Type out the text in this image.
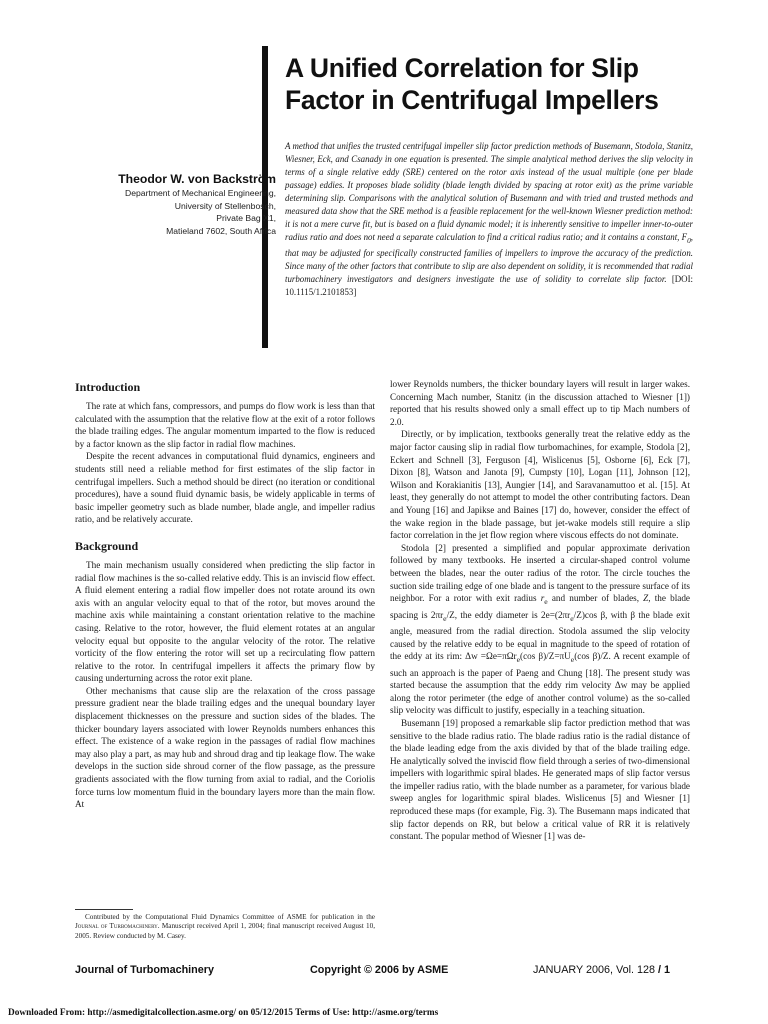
A Unified Correlation for Slip
Factor in Centrifugal Impellers
Theodor W. von Backström
Department of Mechanical Engineering,
University of Stellenbosch,
Private Bag X1,
Matieland 7602, South Africa

A method that unifies the trusted centrifugal impeller slip factor prediction methods of Busemann, Stodola, Stanitz, Wiesner, Eck, and Csanady in one equation is presented. The simple analytical method derives the slip velocity in terms of a single relative eddy (SRE) centered on the rotor axis instead of the usual multiple (one per blade passage) eddies. It proposes blade solidity (blade length divided by spacing at rotor exit) as the prime variable determining slip. Comparisons with the analytical solution of Busemann and with tried and trusted methods and measured data show that the SRE method is a feasible replacement for the well-known Wiesner prediction method: it is not a mere curve fit, but is based on a fluid dynamic model; it is inherently sensitive to impeller inner-to-outer radius ratio and does not need a separate calculation to find a critical radius ratio; and it contains a constant, $F_0$, that may be adjusted for specifically constructed families of impellers to improve the accuracy of the prediction. Since many of the other factors that contribute to slip are also dependent on solidity, it is recommended that radial turbomachinery investigators and designers investigate the use of solidity to correlate slip factor. [DOI: 10.1115/1.2101853]

Introduction

The rate at which fans, compressors, and pumps do flow work is less than that calculated with the assumption that the relative flow at the exit of a rotor follows the blade trailing edges. The angular momentum imparted to the flow is reduced by a factor known as the slip factor in radial flow machines.

Despite the recent advances in computational fluid dynamics, engineers and students still need a reliable method for first estimates of the slip factor in centrifugal impellers. Such a method should be direct (no iteration or conditional procedures), have a sound fluid dynamic basis, be widely applicable in terms of basic impeller geometry such as blade number, blade angle, and impeller radius ratio, and be relatively accurate.

Background

The main mechanism usually considered when predicting the slip factor in radial flow machines is the so-called relative eddy. This is an inviscid flow effect. A fluid element entering a radial flow impeller does not rotate around its own axis with an angular velocity equal to that of the rotor, but moves around the machine axis while maintaining a constant orientation relative to the machine casing. Relative to the rotor, however, the fluid element rotates at an angular velocity equal but opposite to the angular velocity of the rotor. The relative vorticity of the flow entering the rotor will set up a recirculating flow pattern relative to the rotor. In centrifugal impellers it affects the primary flow by causing underturning across the rotor exit plane.

Other mechanisms that cause slip are the relaxation of the cross passage pressure gradient near the blade trailing edges and the unequal boundary layer displacement thicknesses on the pressure and suction sides of the blades. The thicker boundary layers associated with lower Reynolds numbers enhances this effect. The existence of a wake region in the passages of radial flow machines may also play a part, as may hub and shroud drag and tip leakage flow. The wake develops in the suction side shroud corner of the flow passage, as the pressure gradients associated with the flow turning from axial to radial, and the Coriolis force turns low momentum fluid in the boundary layers more than the main flow. At

lower Reynolds numbers, the thicker boundary layers will result in larger wakes. Concerning Mach number, Stanitz (in the discussion attached to Wiesner [1]) reported that his results showed only a small effect up to tip Mach numbers of 2.0.

Directly, or by implication, textbooks generally treat the relative eddy as the major factor causing slip in radial flow turbomachines, for example, Stodola [2], Eckert and Schnell [3], Ferguson [4], Wislicenus [5], Osborne [6], Eck [7], Dixon [8], Watson and Janota [9], Cumpsty [10], Logan [11], Johnson [12], Wilson and Korakianitis [13], Aungier [14], and Saravanamuttoo et al. [15]. At least, they generally do not attempt to model the other contributing factors. Dean and Young [16] and Japikse and Baines [17] do, however, consider the effect of the wake region in the blade passage, but jet-wake models still require a slip factor correlation in the jet flow region where viscous effects do not dominate.

Stodola [2] presented a simplified and popular approximate derivation followed by many textbooks. He inserted a circular-shaped control volume between the blades, near the outer radius of the rotor. The circle touches the suction side trailing edge of one blade and is tangent to the pressure surface of its neighbor. For a rotor with exit radius $r_e$ and number of blades, Z, the blade spacing is $2\pi r_e/Z$, the eddy diameter is $2e=(2\pi r_e/Z)\cos$ β, with β the blade exit angle, measured from the radial direction. Stodola assumed the slip velocity caused by the relative eddy to be equal in magnitude to the speed of rotation of the eddy at its rim: Δw =Ωe=πΩr$_e$(cos $\beta)/Z=\pi U_e(\cos$ β)/Z. A recent example of such an approach is the paper of Paeng and Chung [18]. The present study was started because the assumption that the eddy rim velocity Δw may be applied along the rotor perimeter (the edge of another control volume) as the so-called slip velocity was difficult to justify, especially in a teaching situation.

Busemann [19] proposed a remarkable slip factor prediction method that was sensitive to the blade radius ratio. The blade radius ratio is the radial distance of the blade leading edge from the axis divided by that of the blade trailing edge. He analytically solved the inviscid flow field through a series of two-dimensional impellers with logarithmic spiral blades. He generated maps of slip factor versus the impeller radius ratio, with the blade number as a parameter, for various blade sweep angles for logarithmic spiral blades. Wislicenus [5] and Wiesner [1] reproduced these maps (for example, Fig. 3). The Busemann maps indicated that slip factor depends on RR, but below a critical value of RR it is relatively constant. The popular method of Wiesner [1] was de-

Contributed by the Computational Fluid Dynamics Committee of ASME for publication in the Journal of Turbomachinery. Manuscript received April 1, 2004; final manuscript received August 10, 2005. Review conducted by M. Casey.
Journal of Turbomachinery	Copyright © 2006 by ASME	JANUARY 2006, Vol. 128 / 1
Downloaded From: http://asmedigitalcollection.asme.org/ on 05/12/2015 Terms of Use: http://asme.org/terms
